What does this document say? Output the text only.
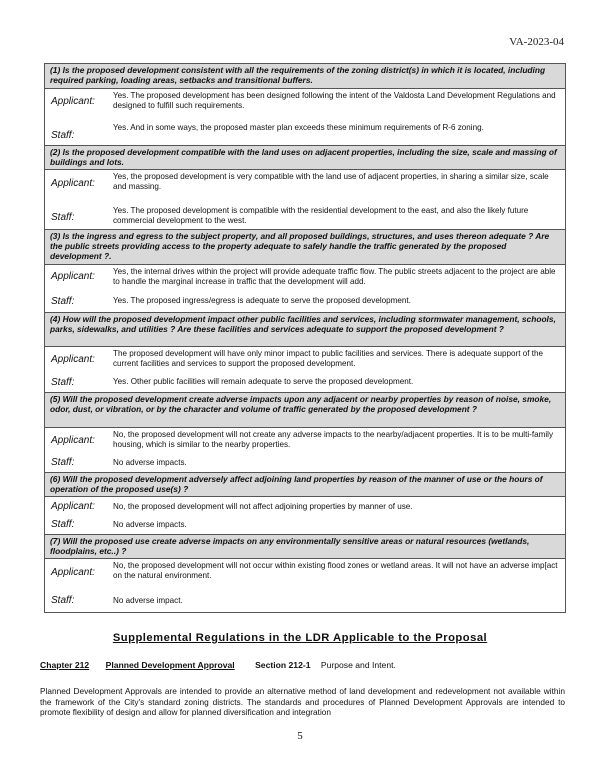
VA-2023-04
(1) Is the proposed development consistent with all the requirements of the zoning district(s) in which it is located, including required parking, loading areas, setbacks and transitional buffers.
Applicant:
Yes. The proposed development has been designed following the intent of the Valdosta Land Development Regulations and designed to fulfill such requirements.
Staff:
Yes. And in some ways, the proposed master plan exceeds these minimum requirements of R-6 zoning.
(2) Is the proposed development compatible with the land uses on adjacent properties, including the size, scale and massing of buildings and lots.
Applicant:
Yes, the proposed development is very compatible with the land use of adjacent properties, in sharing a similar size, scale and massing.
Staff:
Yes. The proposed development is compatible with the residential development to the east, and also the likely future commercial development to the west.
(3) Is the ingress and egress to the subject property, and all proposed buildings, structures, and uses thereon adequate ? Are the public streets providing access to the property adequate to safely handle the traffic generated by the proposed development ?.
Applicant: Yes, the internal drives within the project will provide adequate traffic flow. The public streets adjacent to the project are able to handle the marginal increase in traffic that the development will add.
Staff:	Yes. The proposed ingress/egress is adequate to serve the proposed development.
(4) How will the proposed development impact other public facilities and services, including stormwater management, schools, parks, sidewalks, and utilities ? Are these facilities and services adequate to support the proposed development ?
Applicant:
The proposed development will have only minor impact to public facilities and services. There is adequate support of the current facilities and services to support the proposed development.
Staff:	Yes. Other public facilities will remain adequate to serve the proposed development.
(5) Will the proposed development create adverse impacts upon any adjacent or nearby properties by reason of noise, smoke, odor, dust, or vibration, or by the character and volume of traffic generated by the proposed development ?
Applicant:
No, the proposed development will not create any adverse impacts to the nearby/adjacent properties. It is to be multi-family housing, which is similar to the nearby properties.
Staff:	No adverse impacts.
(6) Will the proposed development adversely affect adjoining land properties by reason of the manner of use or the hours of operation of the proposed use(s) ?
Applicant: No, the proposed development will not affect adjoining properties by manner of use.
Staff:	No adverse impacts.
(7) Will the proposed use create adverse impacts on any environmentally sensitive areas or natural resources (wetlands, floodplains, etc..) ?
Applicant:
No, the proposed development will not occur within existing flood zones or wetland areas. It will not have an adverse imp[act on the natural environment.
Staff:	No adverse impact.
Supplemental Regulations in the LDR Applicable to the Proposal
Chapter 212 Planned Development Approval Section 212-1 Purpose and Intent.
Planned Development Approvals are intended to provide an alternative method of land development and redevelopment not available within the framework of the City's standard zoning districts. The standards and procedures of Planned Development Approvals are intended to promote flexibility of design and allow for planned diversification and integration
5
